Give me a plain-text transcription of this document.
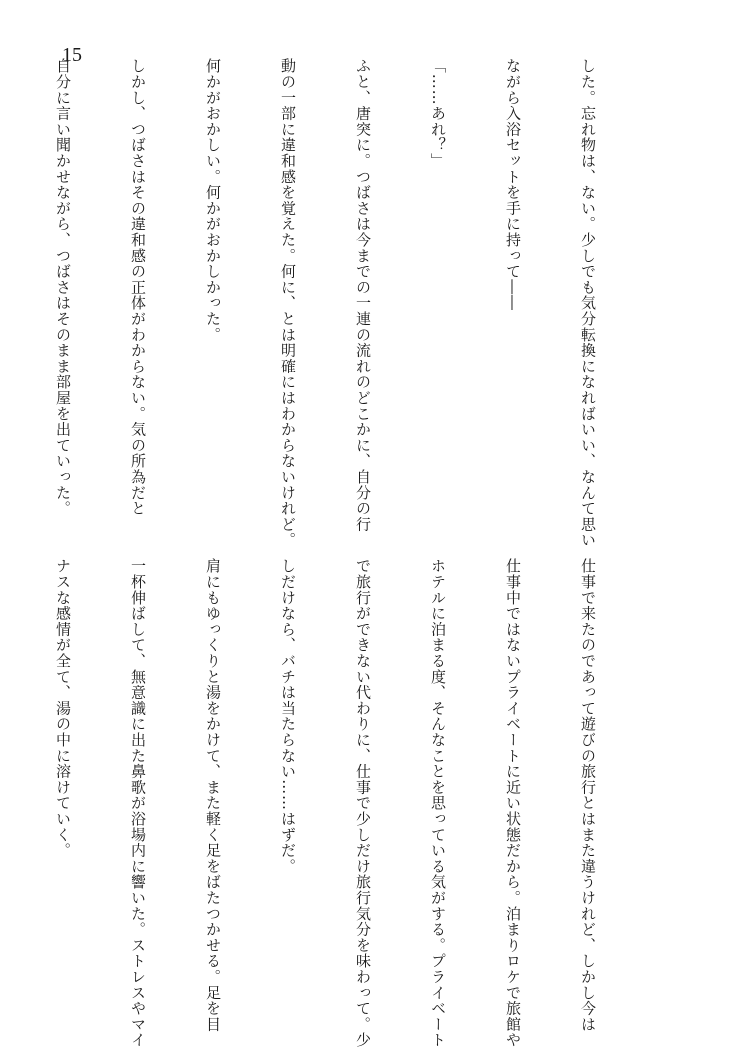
15

した。忘れ物は、ない。少しでも気分転換になればいい、なんて思い

ながら入浴セットを手に持って――

「……あれ？」

ふと、唐突に。つばさは今までの一連の流れのどこかに、自分の行

動の一部に違和感を覚えた。何に、とは明確にはわからないけれど。

何かがおかしい。何かがおかしかった。

しかし、つばさはその違和感の正体がわからない。気の所為だと

自分に言い聞かせながら、つばさはそのまま部屋を出ていった。

仕事で来たのであって遊びの旅行とはまた違うけれど、しかし今は

仕事中ではないプライベートに近い状態だから。泊まりロケで旅館や

ホテルに泊まる度、そんなことを思っている気がする。プライベート

で旅行ができない代わりに、仕事で少しだけ旅行気分を味わって。少

しだけなら、バチは当たらない……はずだ。

肩にもゆっくりと湯をかけて、また軽く足をばたつかせる。足を目

一杯伸ばして、無意識に出た鼻歌が浴場内に響いた。ストレスやマイ

ナスな感情が全て、湯の中に溶けていく。
